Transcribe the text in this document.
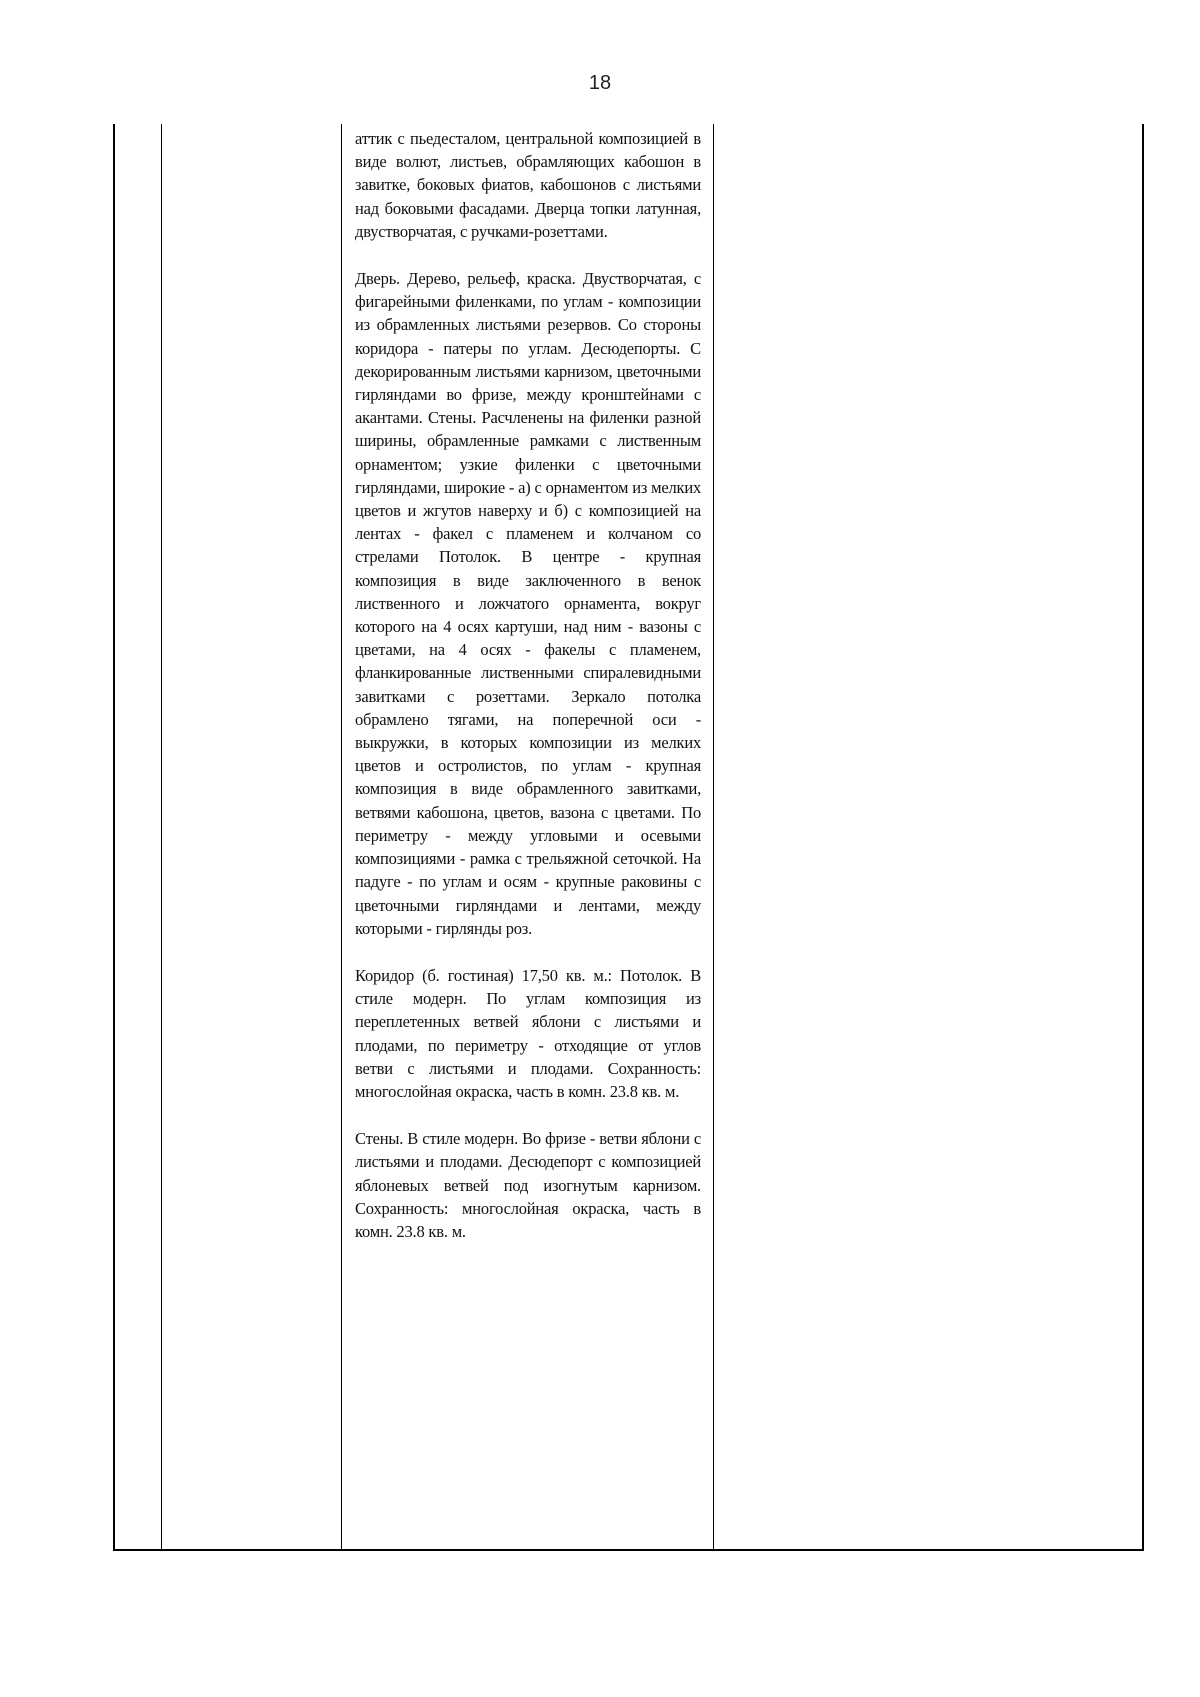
18

аттик с пьедесталом, центральной композицией в виде волют, листьев, обрамляющих кабошон в завитке, боковых фиатов, кабошонов с листьями над боковыми фасадами. Дверца топки латунная, двустворчатая, с ручками-розеттами.

Дверь. Дерево, рельеф, краска. Двустворчатая, с фигарейными филенками, по углам - композиции из обрамленных листьями резервов. Со стороны коридора - патеры по углам. Десюдепорты. С декорированным листьями карнизом, цветочными гирляндами во фризе, между кронштейнами с акантами. Стены. Расчленены на филенки разной ширины, обрамленные рамками с лиственным орнаментом; узкие филенки с цветочными гирляндами, широкие - а) с орнаментом из мелких цветов и жгутов наверху и б) с композицией на лентах - факел с пламенем и колчаном со стрелами Потолок. В центре - крупная композиция в виде заключенного в венок лиственного и ложчатого орнамента, вокруг которого на 4 осях картуши, над ним - вазоны с цветами, на 4 осях - факелы с пламенем, фланкированные лиственными спиралевидными завитками с розеттами. Зеркало потолка обрамлено тягами, на поперечной оси - выкружки, в которых композиции из мелких цветов и остролистов, по углам - крупная композиция в виде обрамленного завитками, ветвями кабошона, цветов, вазона с цветами. По периметру - между угловыми и осевыми композициями - рамка с трельяжной сеточкой. На падуге - по углам и осям - крупные раковины с цветочными гирляндами и лентами, между которыми - гирлянды роз.

Коридор (б. гостиная) 17,50 кв. м.: Потолок. В стиле модерн. По углам композиция из переплетенных ветвей яблони с листьями и плодами, по периметру - отходящие от углов ветви с листьями и плодами. Сохранность: многослойная окраска, часть в комн. 23.8 кв. м.

Стены. В стиле модерн. Во фризе - ветви яблони с листьями и плодами. Десюдепорт с композицией яблоневых ветвей под изогнутым карнизом. Сохранность: многослойная окраска, часть в комн. 23.8 кв. м.
